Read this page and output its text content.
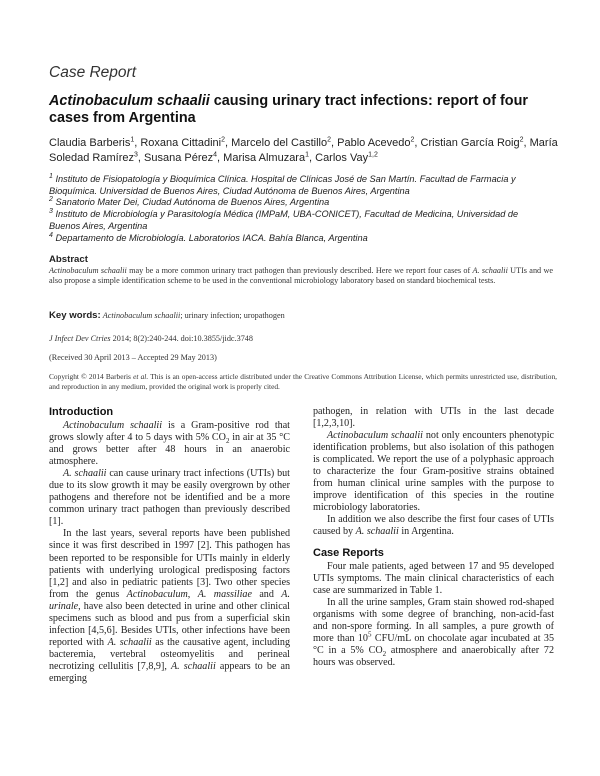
Case Report
Actinobaculum schaalii causing urinary tract infections: report of four cases from Argentina
Claudia Barberis$^1$, Roxana Cittadini$^2$, Marcelo del Castillo$^2$, Pablo Acevedo$^2$, Cristian García Roig$^2$, María Soledad Ramírez$^3$, Susana Pérez$^4$, Marisa Almuzara$^1$, Carlos Vay$^{1,2}$
$^1$ Instituto de Fisiopatología y Bioquímica Clínica. Hospital de Clínicas José de San Martín. Facultad de Farmacia y
Bioquímica. Universidad de Buenos Aires, Ciudad Autónoma de Buenos Aires, Argentina
$^2$ Sanatorio Mater Dei, Ciudad Autónoma de Buenos Aires, Argentina
$^3$ Instituto de Microbiología y Parasitología Médica (IMPaM, UBA-CONICET), Facultad de Medicina, Universidad de
Buenos Aires, Argentina
$^4$ Departamento de Microbiología. Laboratorios IACA. Bahía Blanca, Argentina
Abstract
Actinobaculum schaalii may be a more common urinary tract pathogen than previously described. Here we report four cases of A. schaalii UTIs and we also propose a simple identification scheme to be used in the conventional microbiology laboratory based on standard biochemical tests.
Key words: Actinobaculum schaalii; urinary infection; uropathogen
J Infect Dev Ctries 2014; 8(2):240-244. doi:10.3855/jidc.3748
(Received 30 April 2013 – Accepted 29 May 2013)
Copyright © 2014 Barberis et al. This is an open-access article distributed under the Creative Commons Attribution License, which permits unrestricted use, distribution, and reproduction in any medium, provided the original work is properly cited.
Introduction

Actinobaculum schaalii is a Gram-positive rod that grows slowly after 4 to 5 days with 5% $CO_2$ in air at 35 °C and grows better after 48 hours in an anaerobic atmosphere.

A. schaalii can cause urinary tract infections (UTIs) but due to its slow growth it may be easily overgrown by other pathogens and therefore not be identified and be a more common urinary tract pathogen than previously described [1].

In the last years, several reports have been published since it was first described in 1997 [2]. This pathogen has been reported to be responsible for UTIs mainly in elderly patients with underlying urological predisposing factors [1,2] and also in pediatric patients [3]. Two other species from the genus Actinobaculum, A. massiliae and A. urinale, have also been detected in urine and other clinical specimens such as blood and pus from a superficial skin infection [4,5,6]. Besides UTIs, other infections have been reported with A. schaalii as the causative agent, including bacteremia, vertebral osteomyelitis and perineal necrotizing cellulitis [7,8,9], A. schaalii appears to be an emerging

pathogen, in relation with UTIs in the last decade [1,2,3,10].

Actinobaculum schaalii not only encounters phenotypic identification problems, but also isolation of this pathogen is complicated. We report the use of a polyphasic approach to characterize the four Gram-positive strains obtained from human clinical urine samples with the purpose to improve identification of this species in the routine microbiology laboratories.

In addition we also describe the first four cases of UTIs caused by A. schaalii in Argentina.

Case Reports

Four male patients, aged between 17 and 95 developed UTIs symptoms. The main clinical characteristics of each case are summarized in Table 1.

In all the urine samples, Gram stain showed rod-shaped organisms with some degree of branching, non-acid-fast and non-spore forming. In all samples, a pure growth of more than $10^5$ CFU/mL on chocolate agar incubated at 35 °C in a 5% $CO_2$ atmosphere and anaerobically after 72 hours was observed.
